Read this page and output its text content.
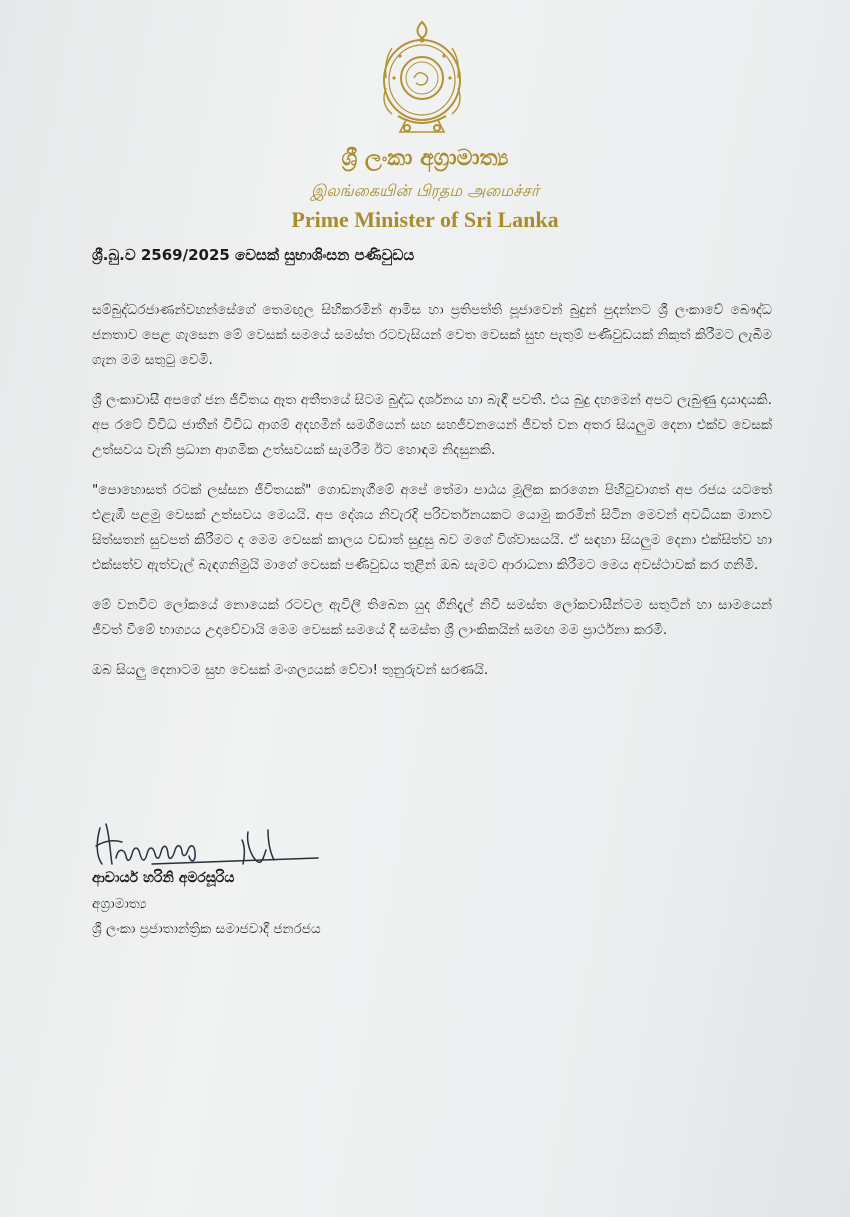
ශ්‍රී ලංකා අග්‍රාමාත්‍ය
இலங்கையின் பிரதம அமைச்சர்
Prime Minister of Sri Lanka
ශ්‍රී.බු.ව 2569/2025 වෙසක් සුභාශිංසන පණිවුඩය

සම්බුද්ධරජාණන්වහන්සේගේ තෙමඟුල සිහිකරමින් ආමිස හා ප්‍රතිපත්ති පූජාවෙන් බුදුන් පුදන්නට ශ්‍රී ලංකාවේ බෞද්ධ ජනතාව පෙළ ගැසෙන මේ වෙසක් සමයේ සමස්ත රටවැසියන් වෙත වෙසක් සුභ පැතුම් පණිවුඩයක් නිකුත් කිරීමට ලැබීම ගැන මම සතුටු වෙමි.

ශ්‍රී ලංකාවාසී අපගේ ජන ජීවිතය ඈත අතීතයේ සිටම බුද්ධ දර්ශනය හා බැඳී පවතී. එය බුදු දහමෙන් අපට ලැබුණු දායාදයකි. අප රටේ විවිධ ජාතීන් විවිධ ආගම් අදහමින් සමගියෙන් සහ සහජීවනයෙන් ජීවත් වන අතර සියලුම දෙනා එක්ව වෙසක් උත්සවය වැනි ප්‍රධාන ආගමික උත්සවයක් සැමරීම ඊට හොඳම නිදසුනකි.

"පොහොසත් රටක් ලස්සන ජීවිතයක්" ගොඩනැගීමේ අපේ තේමා පාඨය මූලික කරගෙන පිහිටුවාගත් අප රජය යටතේ එළැඹී පළමු වෙසක් උත්සවය මෙයයි. අප දේශය නිවැරදි පරිවර්තනයකට යොමු කරමින් සිටින මෙවන් අවධියක මානව සිත්සතන් සුවපත් කිරීමට ද මෙම වෙසක් කාලය වඩාත් සුදුසු බව මගේ විශ්වාසයයි. ඒ සඳහා සියලුම දෙනා එක්සිත්ව හා එක්සත්ව ඇත්වැල් බැඳගනිමුයි මාගේ වෙසක් පණිවුඩය තුළින් ඔබ සැමට ආරාධනා කිරීමට මෙය අවස්ථාවක් කර ගනිමි.

මේ වනවිට ලෝකයේ නොයෙක් රටවල ඇවිලී තිබෙන යුද ගිනිදැල් නිවී සමස්ත ලෝකවාසීන්ටම සතුටින් හා සාමයෙන් ජීවත් වීමේ භාග්‍යය උදාවේවායි මෙම වෙසක් සමයේ දී සමස්ත ශ්‍රී ලාංකිකයින් සමඟ මම ප්‍රාර්ථනා කරමි.

ඔබ සියලු දෙනාටම සුභ වෙසක් මංගල්‍යයක් වේවා! තුනුරුවන් සරණයි.

ආචාර්ය හරිනි අමරසූරිය
අග්‍රාමාත්‍ය
ශ්‍රී ලංකා ප්‍රජාතාන්ත්‍රික සමාජවාදී ජනරජය
